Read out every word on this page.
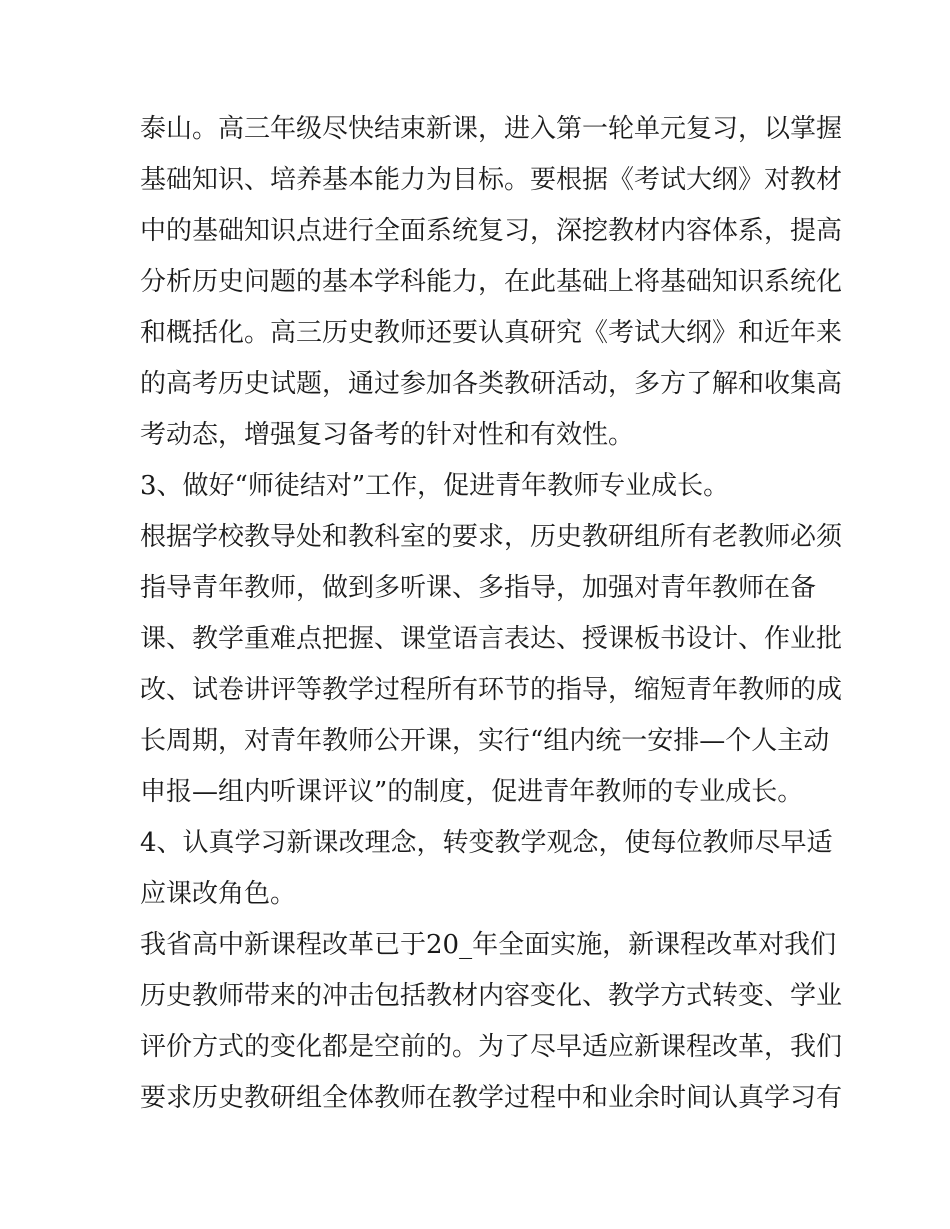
泰山。高三年级尽快结束新课，进入第一轮单元复习，以掌握
基础知识、培养基本能力为目标。要根据《考试大纲》对教材
中的基础知识点进行全面系统复习，深挖教材内容体系，提高
分析历史问题的基本学科能力，在此基础上将基础知识系统化
和概括化。高三历史教师还要认真研究《考试大纲》和近年来
的高考历史试题，通过参加各类教研活动，多方了解和收集高
考动态，增强复习备考的针对性和有效性。
3、做好“师徒结对”工作，促进青年教师专业成长。
根据学校教导处和教科室的要求，历史教研组所有老教师必须
指导青年教师，做到多听课、多指导，加强对青年教师在备
课、教学重难点把握、课堂语言表达、授课板书设计、作业批
改、试卷讲评等教学过程所有环节的指导，缩短青年教师的成
长周期，对青年教师公开课，实行“组内统一安排—个人主动
申报—组内听课评议”的制度，促进青年教师的专业成长。
4、认真学习新课改理念，转变教学观念，使每位教师尽早适
应课改角色。
我省高中新课程改革已于20_年全面实施，新课程改革对我们
历史教师带来的冲击包括教材内容变化、教学方式转变、学业
评价方式的变化都是空前的。为了尽早适应新课程改革，我们
要求历史教研组全体教师在教学过程中和业余时间认真学习有
